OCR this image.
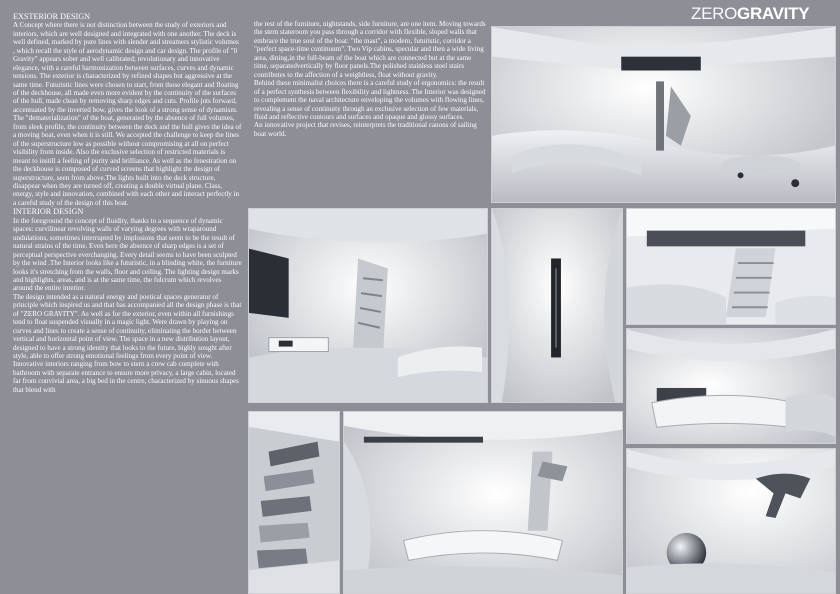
EXSTERIOR DESIGN

A Concept where there is not distinction between the study of exteriors and interiors, which are well designed and integrated with one another. The deck is well defined, marked by pure lines with slender and streamers stylistic volumes , which recall the style of aerodynamic design and car design. The profile of "0 Gravity" appears sober and well calibrated; revolutionary and innovative elegance, with a careful harmonization between surfaces, curves and dynamic tensions. The exterior is characterized by refined shapes but aggressive at the same time. Futuristic lines were chosen to start, from those elegant and floating of the deckhouse, all made even more evident by the continuity of the surfaces of the hull, made clean by removing sharp edges and cuts. Profile juts forward, accentuated by the inverted bow, gives the look of a strong sense of dynamism. The "dematerialization" of the boat, generated by the absence of full volumes, from sleek profile, the continuity between the deck and the hull gives the idea of a moving boat, even when it is still. We accepted the challenge to keep the lines of the superstructure low as possible without compromising at all on perfect visibility from inside. Also the exclusive selection of restricted materials is meant to instill a feeling of purity and brilliance. As well as the fenestration on the deckhouse is composed of curved screens that highlight the design of superstructure, seen from above.The lights built into the deck structure, disappear when they are turned off, creating a double virtual plane. Class, energy, style and innovation, combined with each other and interact perfectly in a careful study of the design of this boat.

INTERIOR DESIGN

In the foreground the concept of fluidity, thanks to a sequence of dynamic spaces: curvilinear revolving walls of varying degrees with wraparound undulations, sometimes interrupted by implosions that seem to be the result of natural strains of the time. Even here the absence of sharp edges is a set of perceptual perspective everchanging. Every detail seems to have been sculpted by the wind .The Interior looks like a futuristic, in a blinding white, the furniture looks it's stretching from the walls, floor and ceiling. The lighting design marks and highlights, areas, and is at the same time, the fulcrum which revolves around the entire interior.

The design intended as a natural energy and poetical spaces generator of principle which inspired us and that has accompanied all the design phase is that of "ZERO GRAVITY". As well as for the exterior, even within all furnishings tend to float suspended visually in a magic light. Were drawn by playing on curves and lines to create a sense of continuity, eliminating the border between vertical and horizontal point of view. The space in a new distribution layout, designed to have a strong identity that looks to the future, highly sought after style, able to offer strong emotional feelings from every point of view. Innovative interiors ranging from bow to stern a crew cab complete with bathroom with separate entrance to ensure more privacy, a large cabin, located far from convivial area, a big bed in the centre, characterized by sinuous shapes that blend with

the rest of the furniture, nightstands, side furniture, are one item. Moving towards the stern stateroom you pass through a corridor with flexible, sloped walls that embrace the true soul of the boat: "the mast", a modern, futuristic, corridor a "perfect space-time continuum". Two Vip cabins, specular and then a wide living area, dining,in the full-beam of the boat which are connected but at the same time, separatedvertically by floor panels.The polished stainless steel stairs contributes to the affection of a weightless, float without gravity.

Behind these minimalist choices there is a careful study of ergonomics: the result of a perfect synthesis between flexibility and lightness. The Interior was designed to complement the naval architecture enveloping the volumes with flowing lines, revealing a sense of continuity through an exclusive selection of few materials, fluid and reflective contours and surfaces and opaque and glossy surfaces.

An innovative project that revises, reinterprets the traditional canons of sailing boat world.

ZEROGRAVITY
